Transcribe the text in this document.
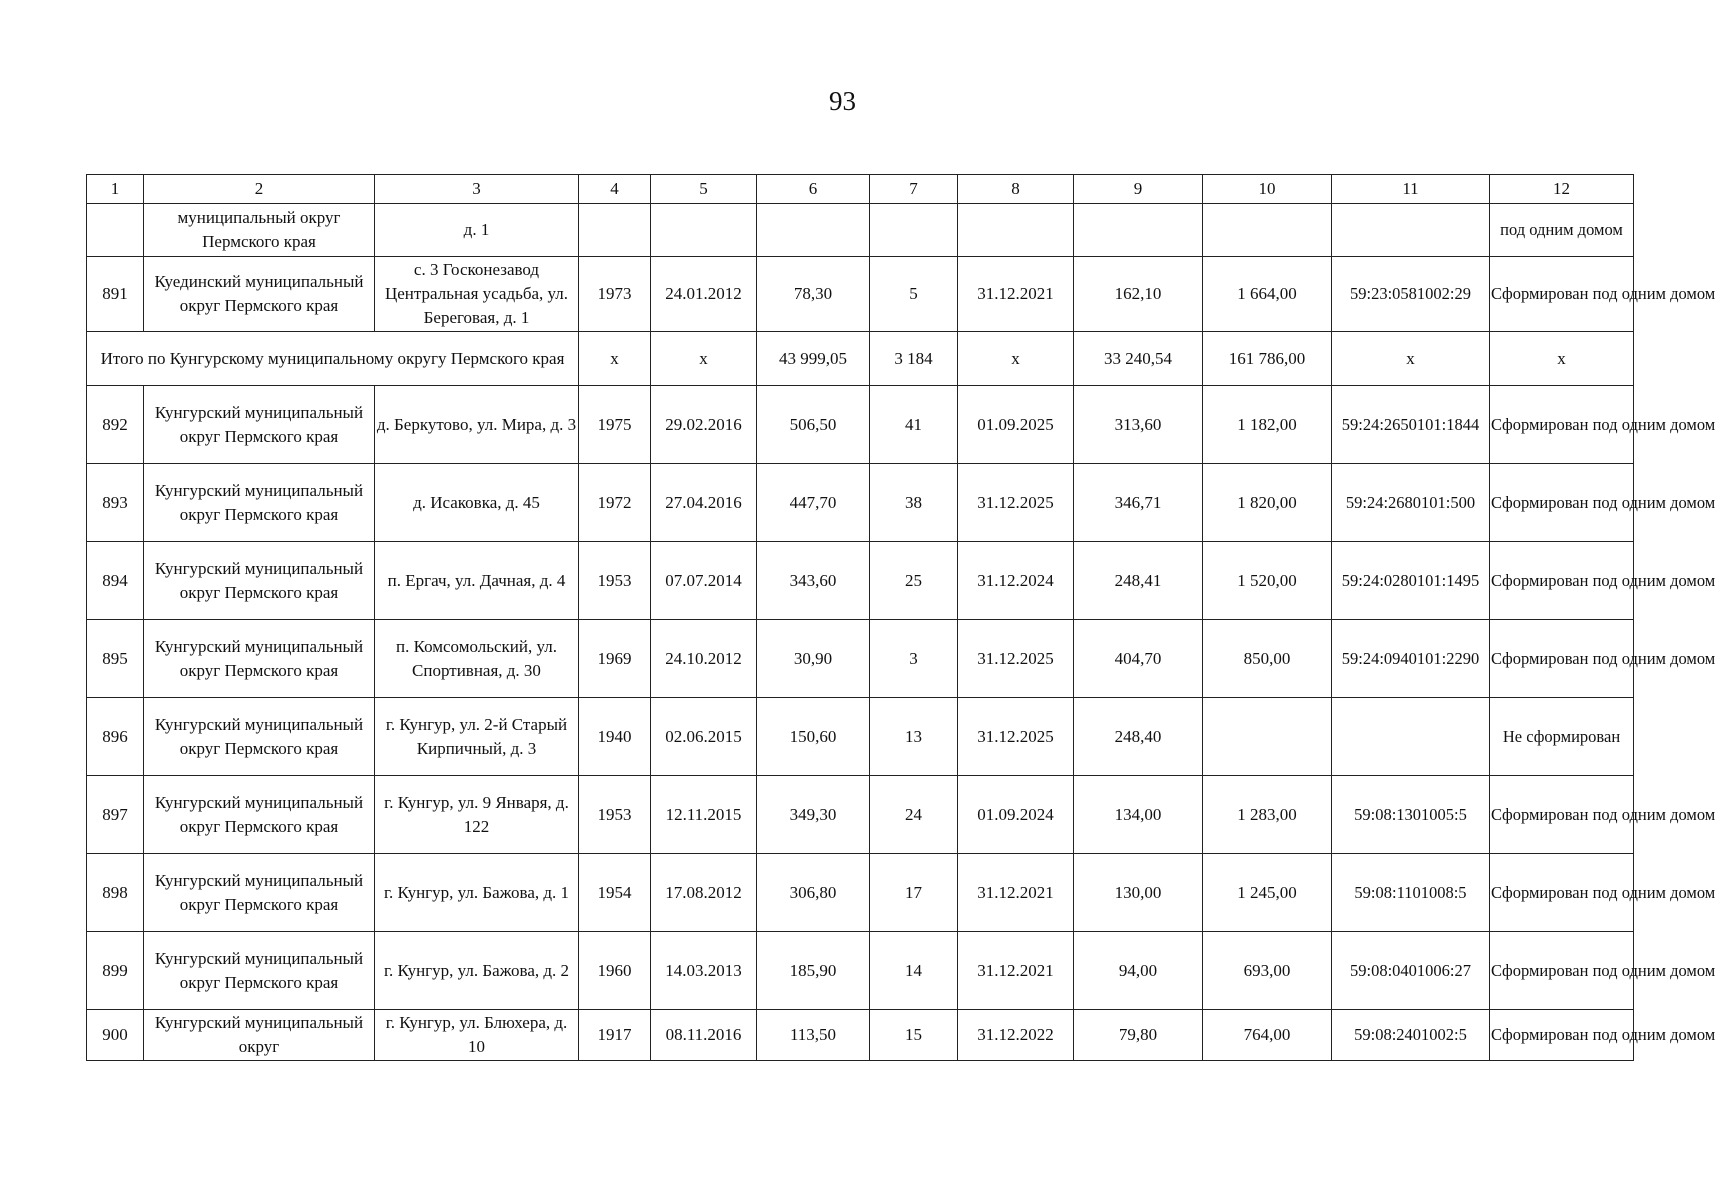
93
1	2	3	4	5	6	7	8	9	10	11	12
	муниципальный округ Пермского края	д. 1									под одним домом
891	Куединский муниципальный округ Пермского края	с. 3 Госконезавод Центральная усадьба, ул. Береговая, д. 1	1973	24.01.2012	78,30	5	31.12.2021	162,10	1 664,00	59:23:0581002:29	Сформирован под одним домом
Итого по Кунгурскому муниципальному округу Пермского края			х	х	43 999,05	3 184	х	33 240,54	161 786,00	х	х
892	Кунгурский муниципальный округ Пермского края	д. Беркутово, ул. Мира, д. 3	1975	29.02.2016	506,50	41	01.09.2025	313,60	1 182,00	59:24:2650101:1844	Сформирован под одним домом
893	Кунгурский муниципальный округ Пермского края	д. Исаковка, д. 45	1972	27.04.2016	447,70	38	31.12.2025	346,71	1 820,00	59:24:2680101:500	Сформирован под одним домом
894	Кунгурский муниципальный округ Пермского края	п. Ергач, ул. Дачная, д. 4	1953	07.07.2014	343,60	25	31.12.2024	248,41	1 520,00	59:24:0280101:1495	Сформирован под одним домом
895	Кунгурский муниципальный округ Пермского края	п. Комсомольский, ул. Спортивная, д. 30	1969	24.10.2012	30,90	3	31.12.2025	404,70	850,00	59:24:0940101:2290	Сформирован под одним домом
896	Кунгурский муниципальный округ Пермского края	г. Кунгур, ул. 2-й Старый Кирпичный, д. 3	1940	02.06.2015	150,60	13	31.12.2025	248,40			Не сформирован
897	Кунгурский муниципальный округ Пермского края	г. Кунгур, ул. 9 Января, д. 122	1953	12.11.2015	349,30	24	01.09.2024	134,00	1 283,00	59:08:1301005:5	Сформирован под одним домом
898	Кунгурский муниципальный округ Пермского края	г. Кунгур, ул. Бажова, д. 1	1954	17.08.2012	306,80	17	31.12.2021	130,00	1 245,00	59:08:1101008:5	Сформирован под одним домом
899	Кунгурский муниципальный округ Пермского края	г. Кунгур, ул. Бажова, д. 2	1960	14.03.2013	185,90	14	31.12.2021	94,00	693,00	59:08:0401006:27	Сформирован под одним домом
900	Кунгурский муниципальный округ	г. Кунгур, ул. Блюхера, д. 10	1917	08.11.2016	113,50	15	31.12.2022	79,80	764,00	59:08:2401002:5	Сформирован под одним домом
